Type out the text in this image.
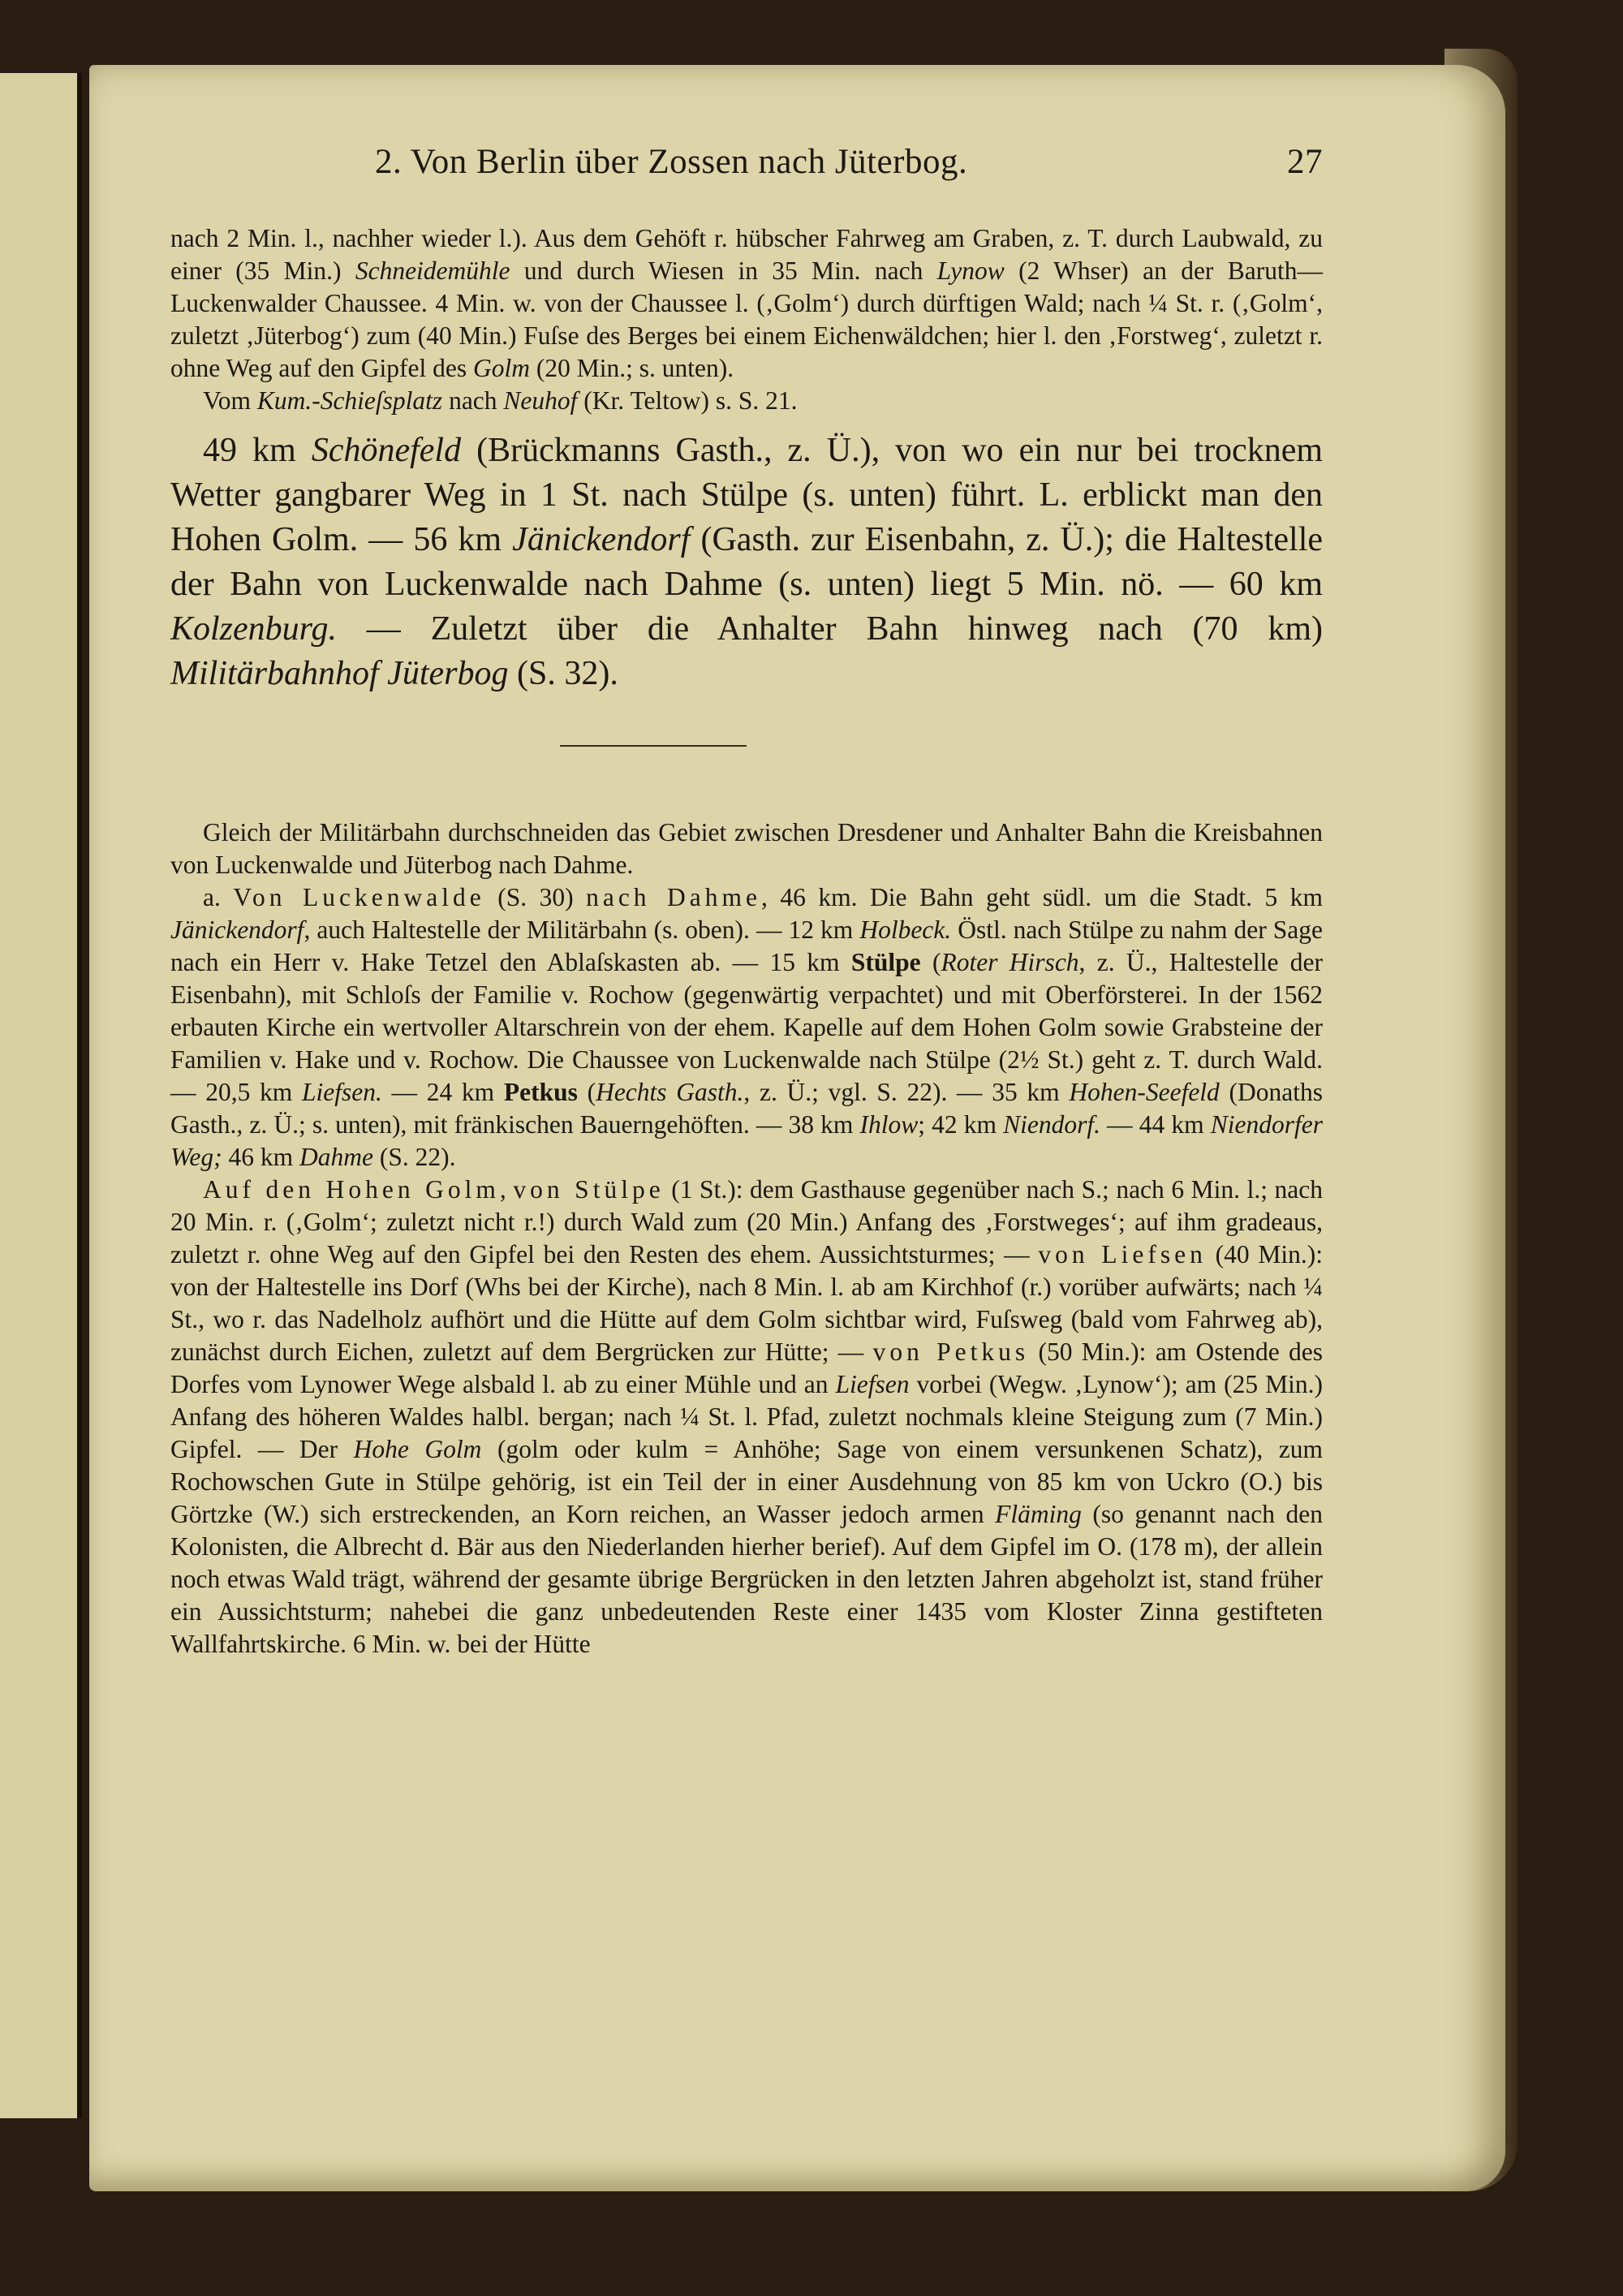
2. Von Berlin über Zossen nach Jüterbog.	27

nach 2 Min. l., nachher wieder l.). Aus dem Gehöft r. hübscher Fahrweg am Graben, z. T. durch Laubwald, zu einer (35 Min.) Schneidemühle und durch Wiesen in 35 Min. nach Lynow (2 Whser) an der Baruth—Luckenwalder Chaussee. 4 Min. w. von der Chaussee l. (‚Golm‘) durch dürftigen Wald; nach ¼ St. r. (‚Golm‘, zuletzt ‚Jüterbog‘) zum (40 Min.) Fuſse des Berges bei einem Eichenwäldchen; hier l. den ‚Forstweg‘, zuletzt r. ohne Weg auf den Gipfel des Golm (20 Min.; s. unten).

Vom Kum.-Schieſsplatz nach Neuhof (Kr. Teltow) s. S. 21.

49 km Schönefeld (Brückmanns Gasth., z. Ü.), von wo ein nur bei trocknem Wetter gangbarer Weg in 1 St. nach Stülpe (s. unten) führt. L. erblickt man den Hohen Golm. — 56 km Jänickendorf (Gasth. zur Eisenbahn, z. Ü.); die Haltestelle der Bahn von Luckenwalde nach Dahme (s. unten) liegt 5 Min. nö. — 60 km Kolzenburg. — Zuletzt über die Anhalter Bahn hinweg nach (70 km) Militärbahnhof Jüterbog (S. 32).

Gleich der Militärbahn durchschneiden das Gebiet zwischen Dresdener und Anhalter Bahn die Kreisbahnen von Luckenwalde und Jüterbog nach Dahme.

a. Von Luckenwalde (S. 30) nach Dahme, 46 km. Die Bahn geht südl. um die Stadt. 5 km Jänickendorf, auch Haltestelle der Militärbahn (s. oben). — 12 km Holbeck. Östl. nach Stülpe zu nahm der Sage nach ein Herr v. Hake Tetzel den Ablaſskasten ab. — 15 km Stülpe (Roter Hirsch, z. Ü., Haltestelle der Eisenbahn), mit Schloſs der Familie v. Rochow (gegenwärtig verpachtet) und mit Oberförsterei. In der 1562 erbauten Kirche ein wertvoller Altarschrein von der ehem. Kapelle auf dem Hohen Golm sowie Grabsteine der Familien v. Hake und v. Rochow. Die Chaussee von Luckenwalde nach Stülpe (2½ St.) geht z. T. durch Wald. — 20,5 km Liefsen. — 24 km Petkus (Hechts Gasth., z. Ü.; vgl. S. 22). — 35 km Hohen-Seefeld (Donaths Gasth., z. Ü.; s. unten), mit fränkischen Bauerngehöften. — 38 km Ihlow; 42 km Niendorf. — 44 km Niendorfer Weg; 46 km Dahme (S. 22).

Auf den Hohen Golm, von Stülpe (1 St.): dem Gasthause gegenüber nach S.; nach 6 Min. l.; nach 20 Min. r. (‚Golm‘; zuletzt nicht r.!) durch Wald zum (20 Min.) Anfang des ‚Forstweges‘; auf ihm gradeaus, zuletzt r. ohne Weg auf den Gipfel bei den Resten des ehem. Aussichtsturmes; — von Liefsen (40 Min.): von der Haltestelle ins Dorf (Whs bei der Kirche), nach 8 Min. l. ab am Kirchhof (r.) vorüber aufwärts; nach ¼ St., wo r. das Nadelholz aufhört und die Hütte auf dem Golm sichtbar wird, Fuſsweg (bald vom Fahrweg ab), zunächst durch Eichen, zuletzt auf dem Bergrücken zur Hütte; — von Petkus (50 Min.): am Ostende des Dorfes vom Lynower Wege alsbald l. ab zu einer Mühle und an Liefsen vorbei (Wegw. ‚Lynow‘); am (25 Min.) Anfang des höheren Waldes halbl. bergan; nach ¼ St. l. Pfad, zuletzt nochmals kleine Steigung zum (7 Min.) Gipfel. — Der Hohe Golm (golm oder kulm = Anhöhe; Sage von einem versunkenen Schatz), zum Rochowschen Gute in Stülpe gehörig, ist ein Teil der in einer Ausdehnung von 85 km von Uckro (O.) bis Görtzke (W.) sich erstreckenden, an Korn reichen, an Wasser jedoch armen Fläming (so genannt nach den Kolonisten, die Albrecht d. Bär aus den Niederlanden hierher berief). Auf dem Gipfel im O. (178 m), der allein noch etwas Wald trägt, während der gesamte übrige Bergrücken in den letzten Jahren abgeholzt ist, stand früher ein Aussichtsturm; nahebei die ganz unbedeutenden Reste einer 1435 vom Kloster Zinna gestifteten Wallfahrtskirche. 6 Min. w. bei der Hütte
